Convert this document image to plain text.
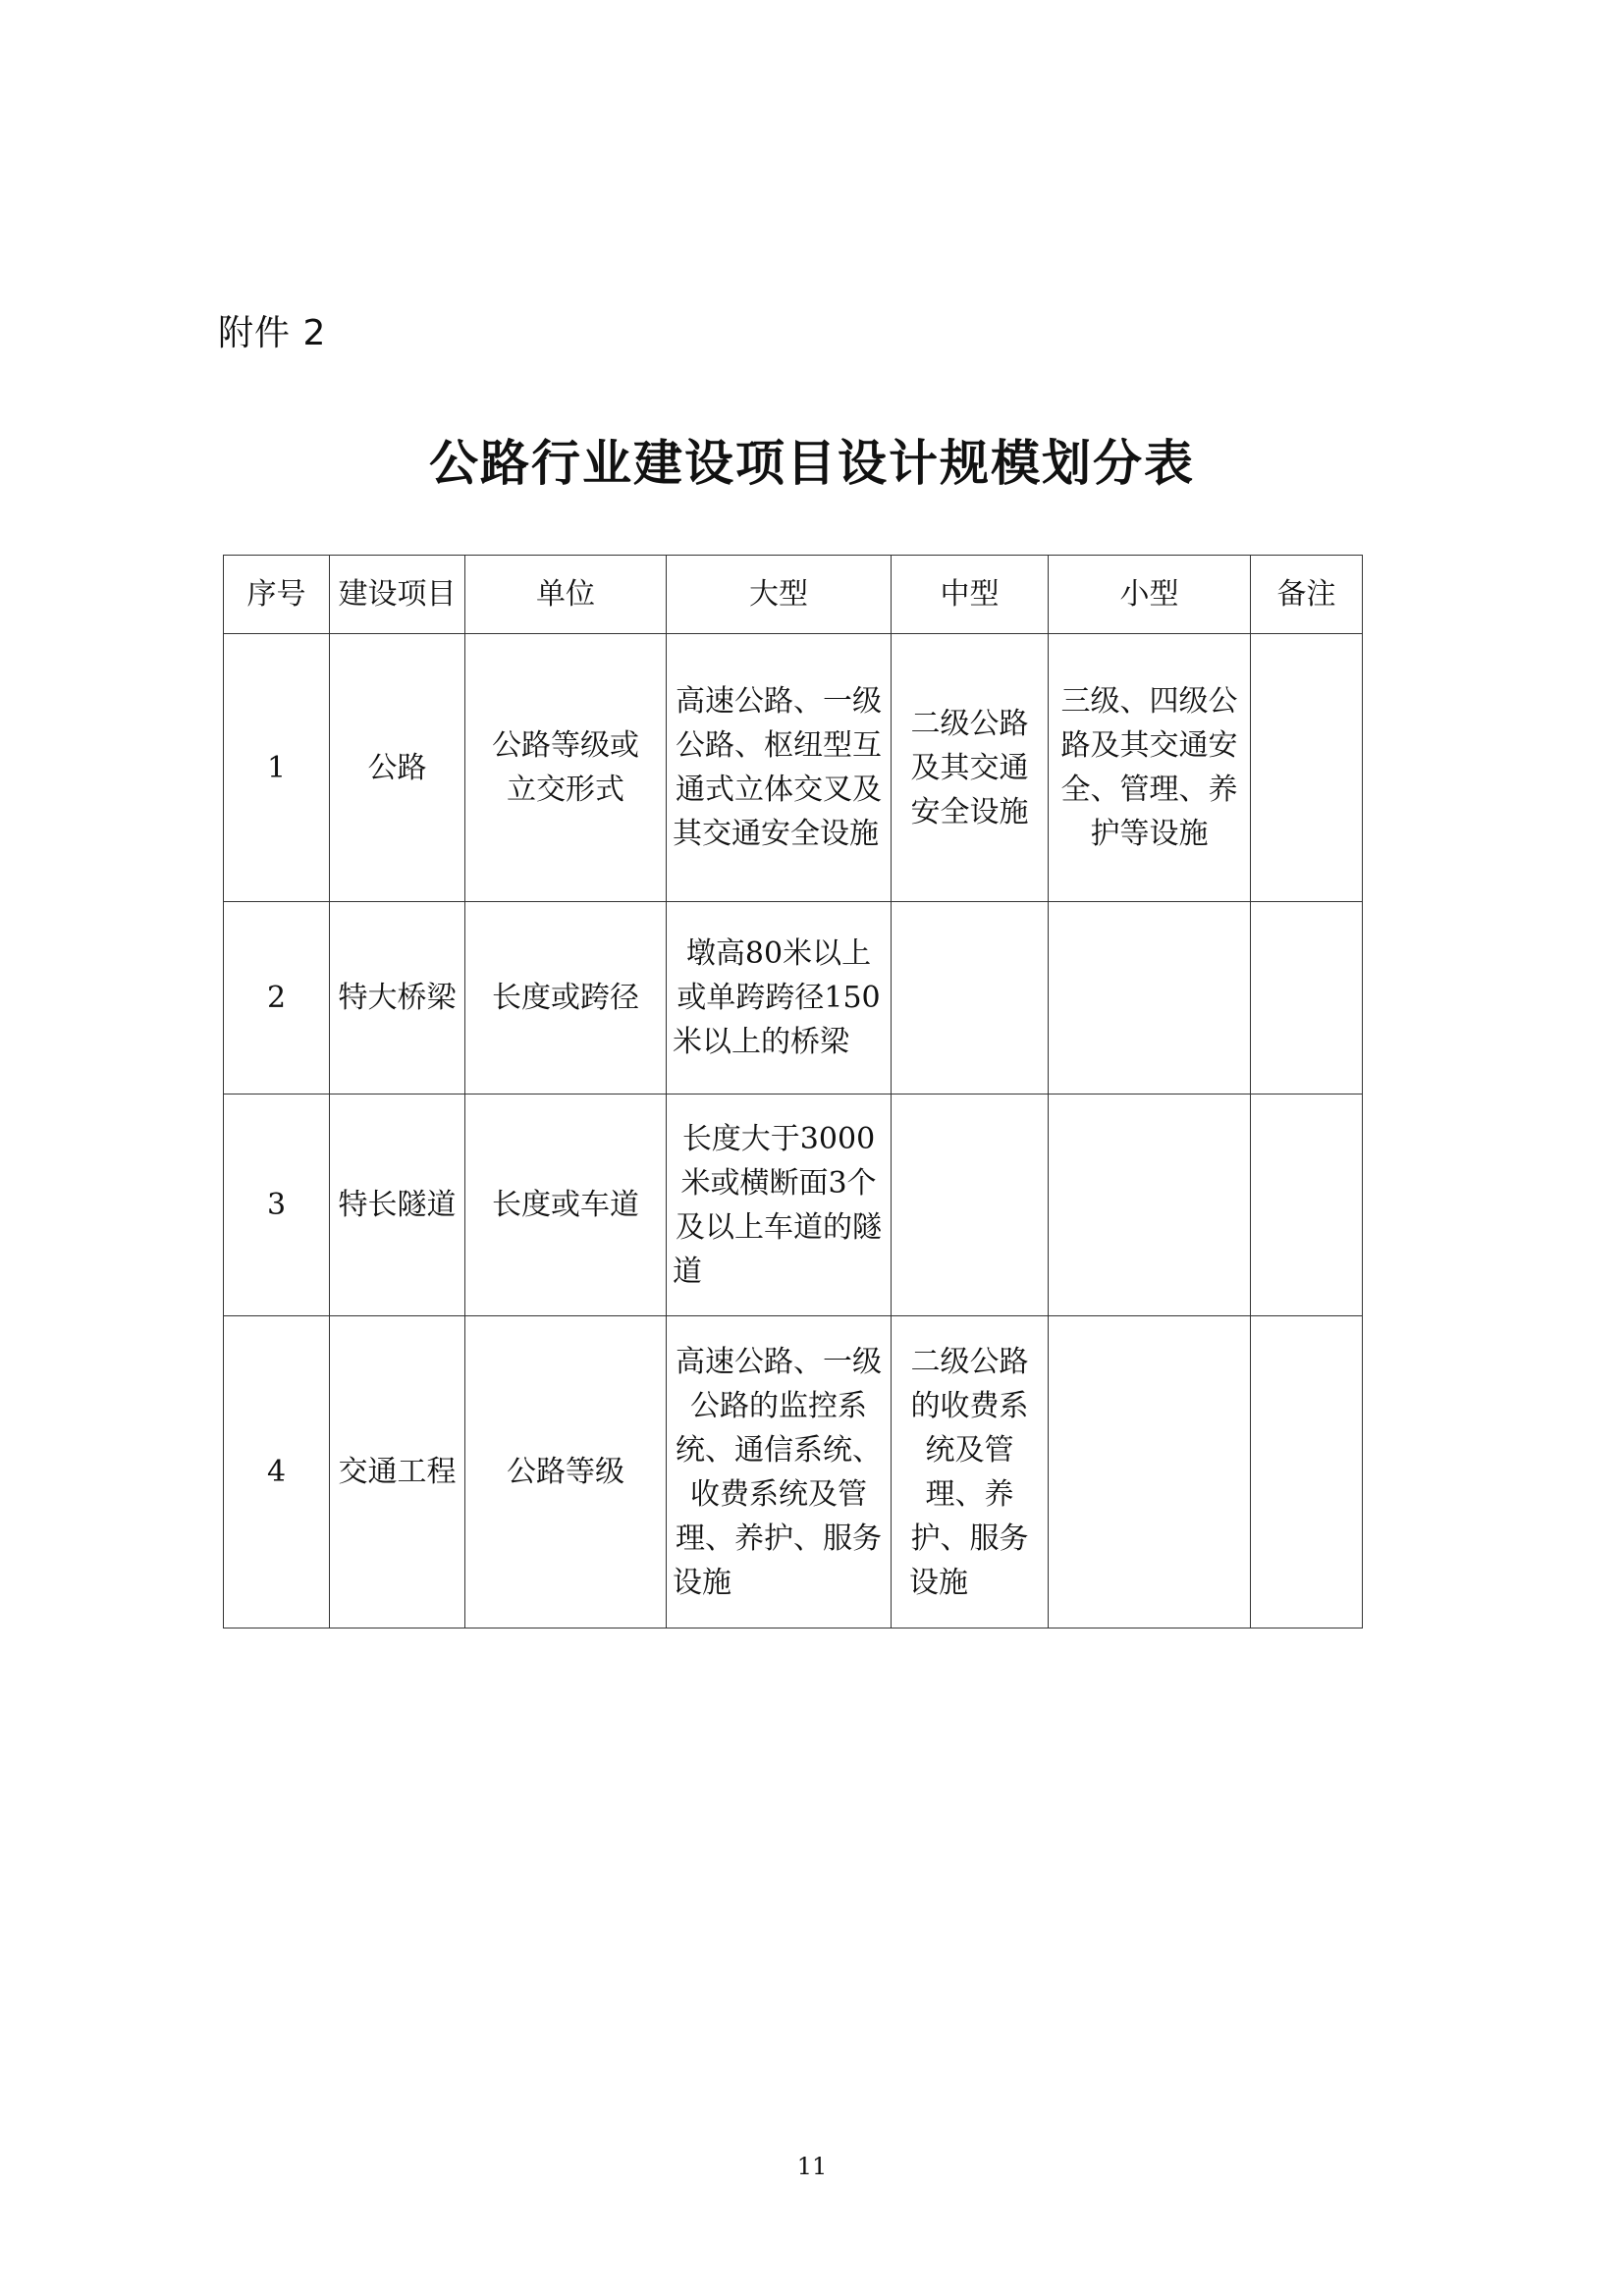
附件 2
公路行业建设项目设计规模划分表
序号	建设项目	单位	大型	中型	小型	备注
1	公路	公路等级或立交形式	高速公路、一级公路、枢纽型互通式立体交叉及其交通安全设施	二级公路及其交通安全设施	三级、四级公路及其交通安全、管理、养护等设施	
2	特大桥梁	长度或跨径	墩高80米以上或单跨跨径150米以上的桥梁			
3	特长隧道	长度或车道	长度大于3000米或横断面3个及以上车道的隧道			
4	交通工程	公路等级	高速公路、一级公路的监控系统、通信系统、收费系统及管理、养护、服务设施	二级公路的收费系统及管理、养护、服务设施		
11
